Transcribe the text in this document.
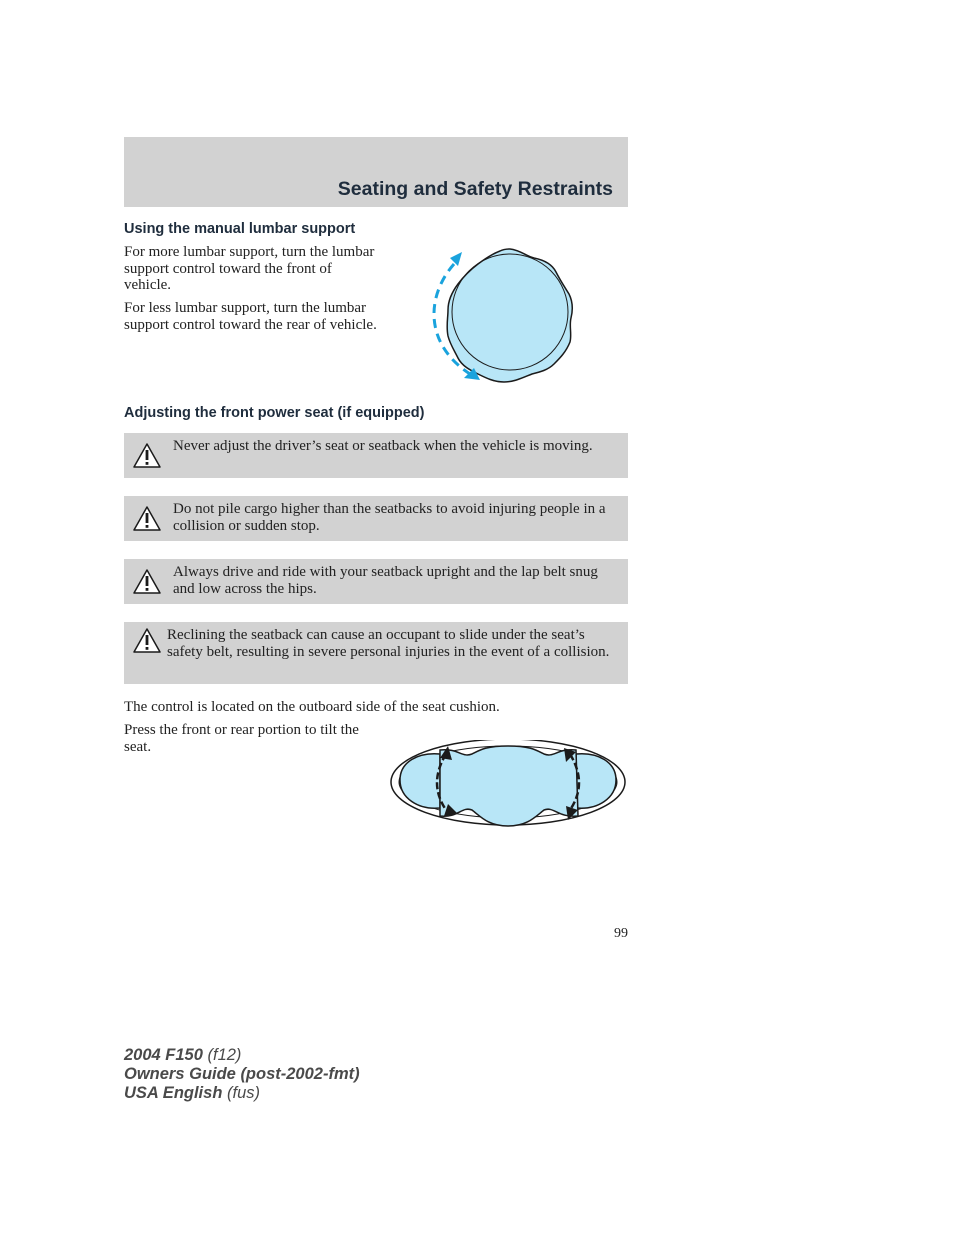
Seating and Safety Restraints
Using the manual lumbar support

For more lumbar support, turn the lumbar support control toward the front of vehicle.

For less lumbar support, turn the lumbar support control toward the rear of vehicle.

Adjusting the front power seat (if equipped)

Never adjust the driver’s seat or seatback when the vehicle is moving.

Do not pile cargo higher than the seatbacks to avoid injuring people in a collision or sudden stop.

Always drive and ride with your seatback upright and the lap belt snug and low across the hips.

Reclining the seatback can cause an occupant to slide under the seat’s safety belt, resulting in severe personal injuries in the event of a collision.

The control is located on the outboard side of the seat cushion.

Press the front or rear portion to tilt the seat.

99

2004 F150 (f12)
Owners Guide (post-2002-fmt)
USA English (fus)
